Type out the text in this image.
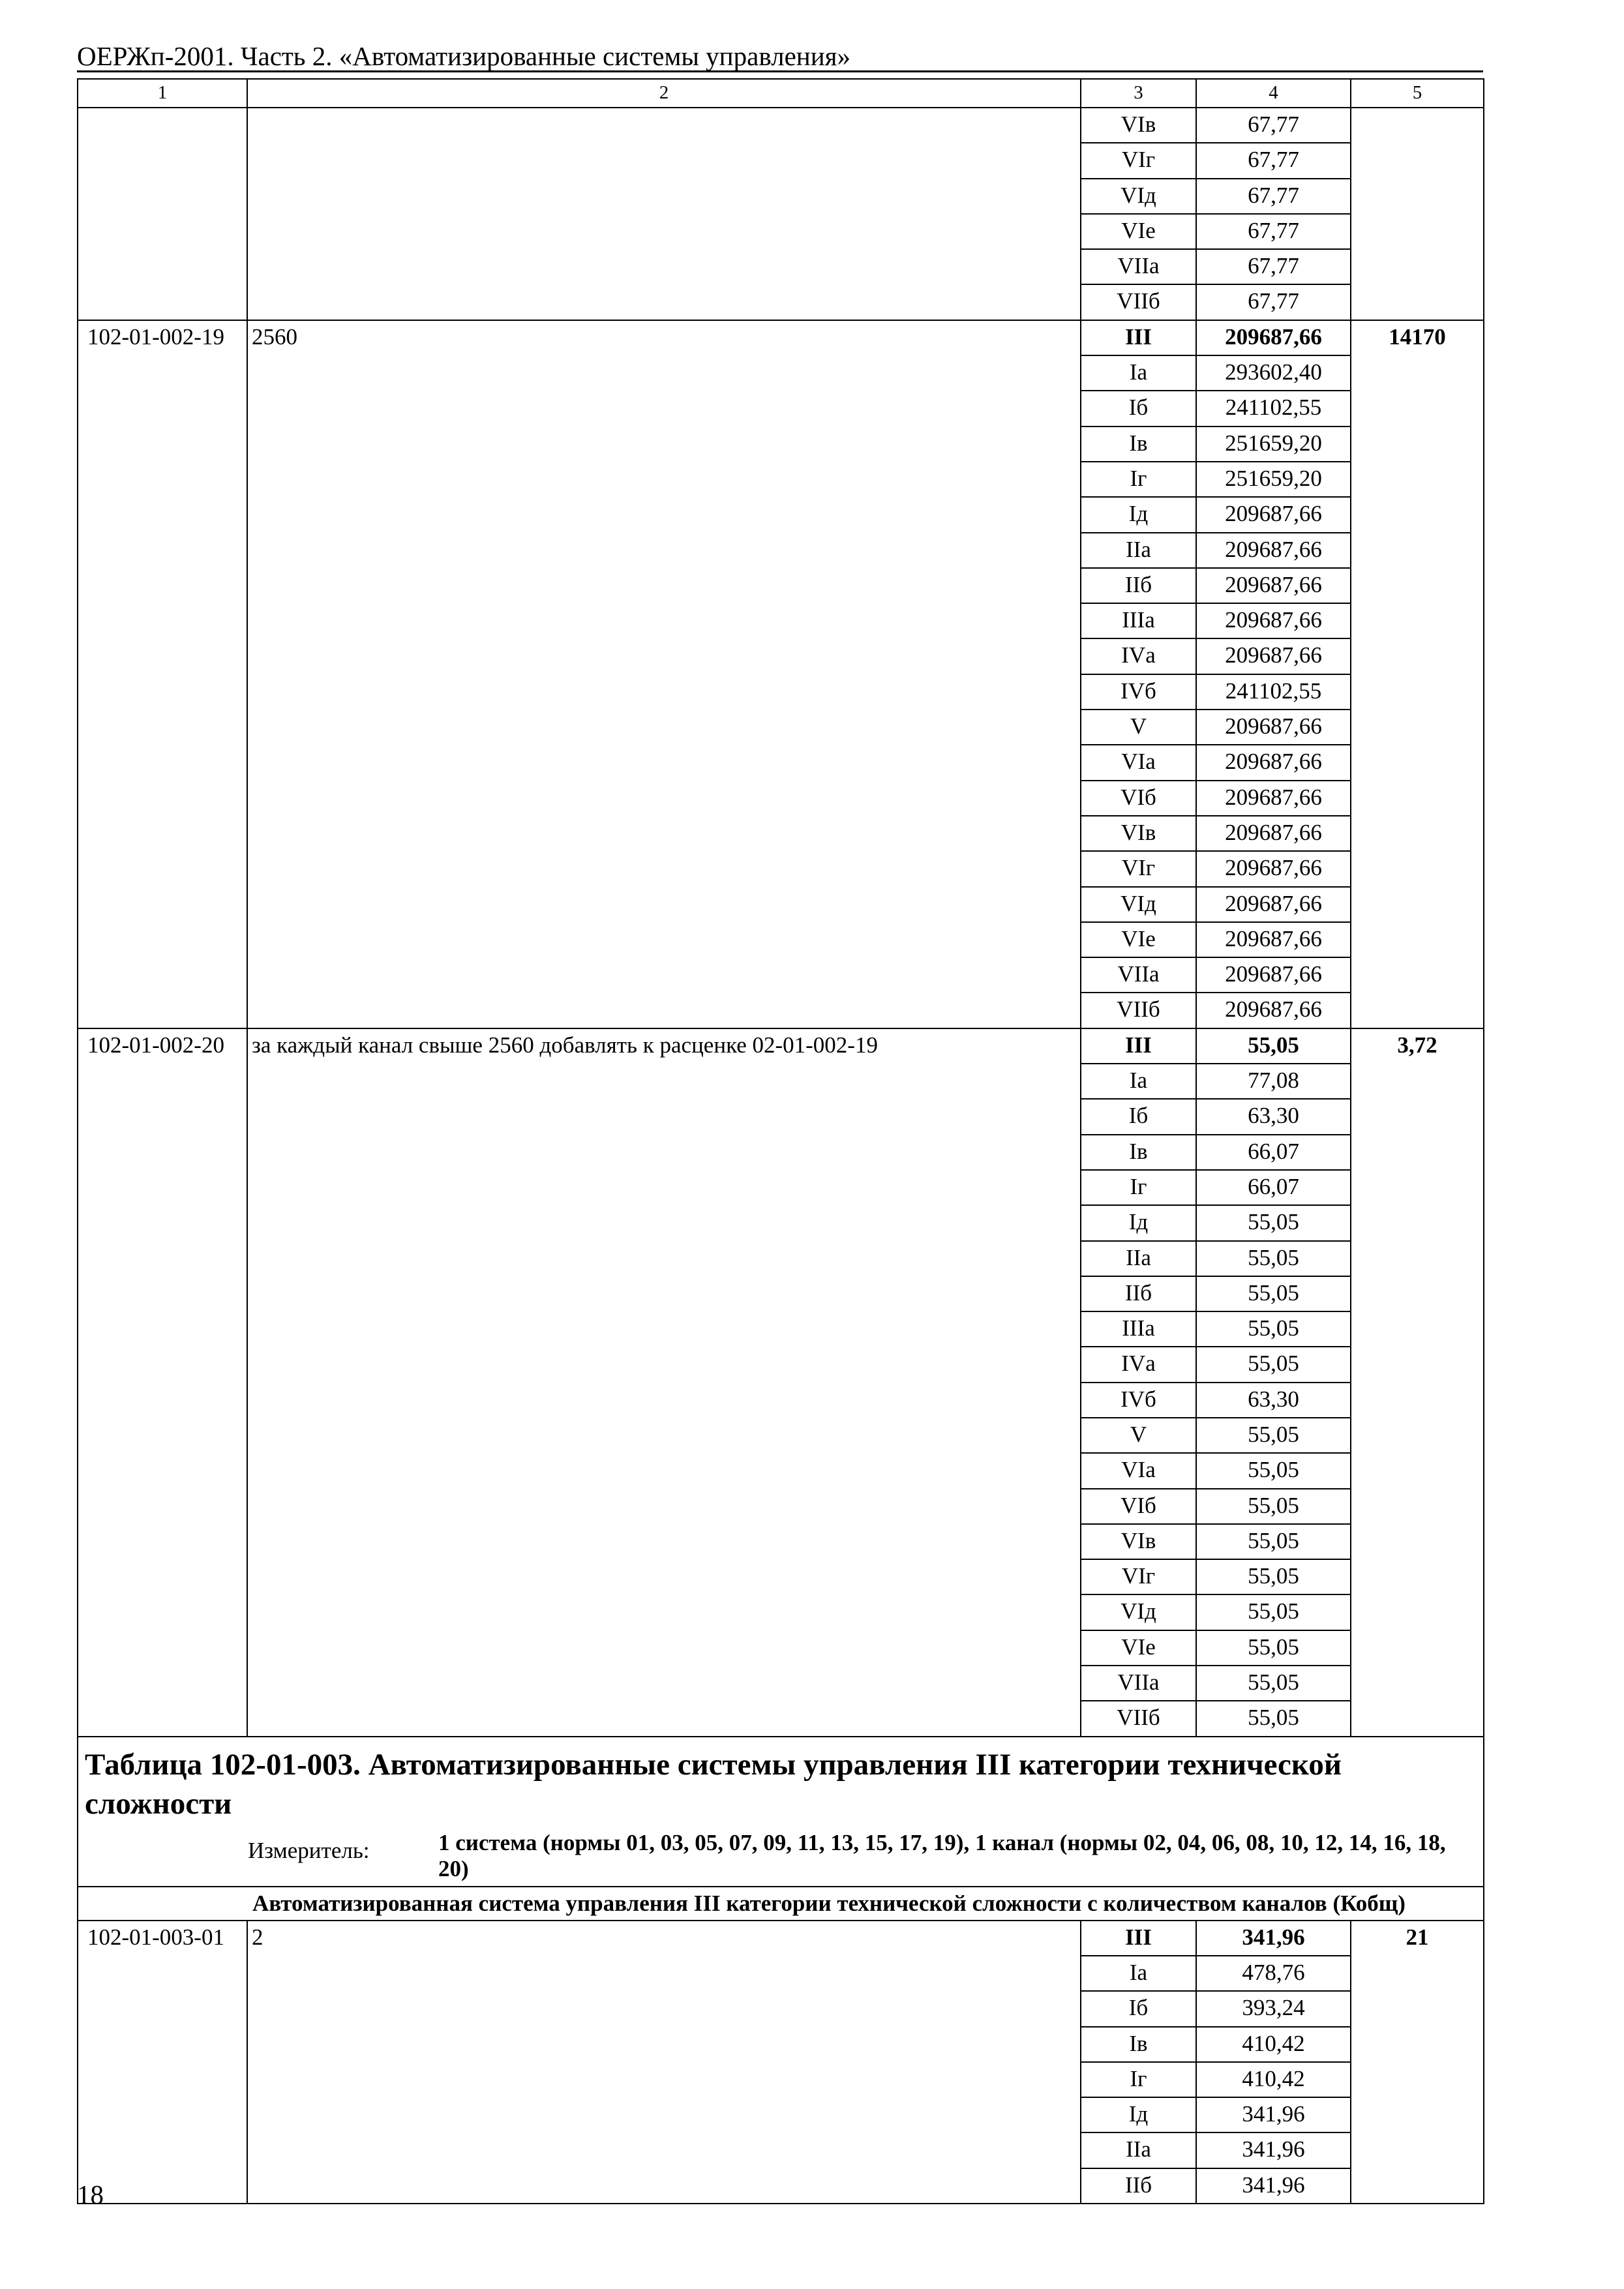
ОЕРЖп-2001. Часть 2. «Автоматизированные системы управления»
1	2	3	4	5
		VIв	67,77	
		VIг	67,77	
		VIд	67,77	
		VIе	67,77	
		VIIа	67,77	
		VIIб	67,77	
102-01-002-19	2560	III	209687,66	14170
		Iа	293602,40	
		Iб	241102,55	
		Iв	251659,20	
		Iг	251659,20	
		Iд	209687,66	
		IIа	209687,66	
		IIб	209687,66	
		IIIа	209687,66	
		IVа	209687,66	
		IVб	241102,55	
		V	209687,66	
		VIа	209687,66	
		VIб	209687,66	
		VIв	209687,66	
		VIг	209687,66	
		VIд	209687,66	
		VIе	209687,66	
		VIIа	209687,66	
		VIIб	209687,66	
102-01-002-20	за каждый канал свыше 2560 добавлять к расценке 02-01-002-19	III	55,05	3,72
		Iа	77,08	
		Iб	63,30	
		Iв	66,07	
		Iг	66,07	
		Iд	55,05	
		IIа	55,05	
		IIб	55,05	
		IIIа	55,05	
		IVа	55,05	
		IVб	63,30	
		V	55,05	
		VIа	55,05	
		VIб	55,05	
		VIв	55,05	
		VIг	55,05	
		VIд	55,05	
		VIе	55,05	
		VIIа	55,05	
		VIIб	55,05	

Таблица 102-01-003. Автоматизированные системы управления III категории технической сложности
Измеритель: 1 система (нормы 01, 03, 05, 07, 09, 11, 13, 15, 17, 19), 1 канал (нормы 02, 04, 06, 08, 10, 12, 14, 16, 18, 20)				

	Автоматизированная система управления III категории технической сложности с количеством каналов (Кобщ)			
102-01-003-01	2	III	341,96	21
		Iа	478,76	
		Iб	393,24	
		Iв	410,42	
		Iг	410,42	
		Iд	341,96	
		IIа	341,96	
		IIб	341,96	
18
